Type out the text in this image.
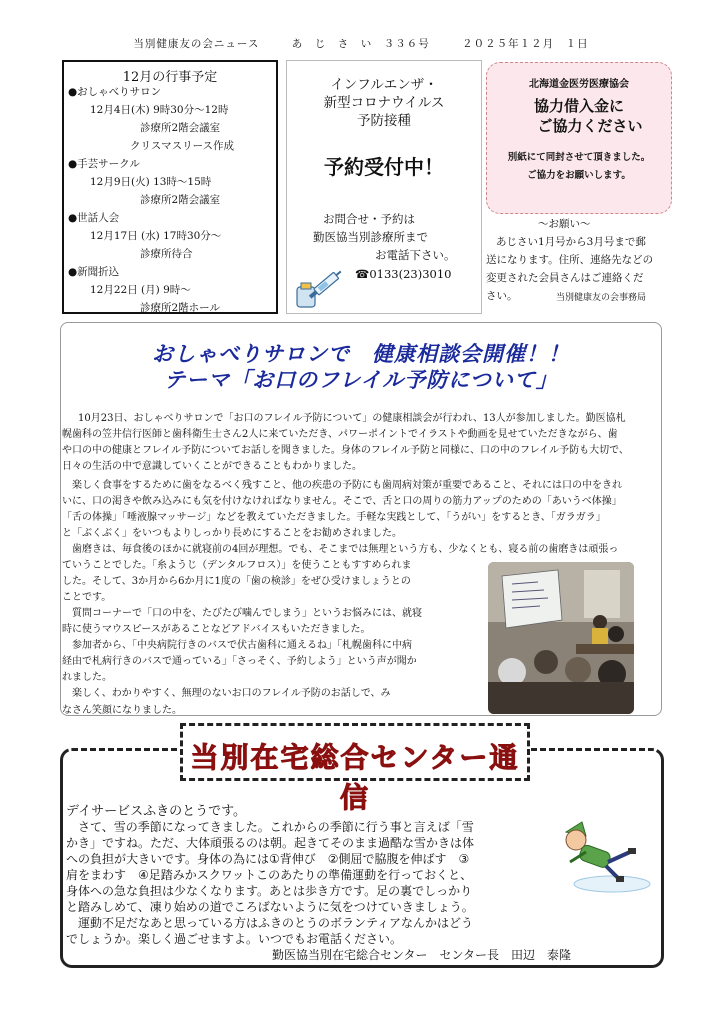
当別健康友の会ニュース	あ　じ　さ　い　３３６号	２０２５年１２月　１日
12月の行事予定
●おしゃべりサロン
12月4日(木) 9時30分～12時
診療所2階会議室
クリスマスリース作成
●手芸サークル
12月9日(火) 13時～15時
診療所2階会議室
●世話人会
12月17日 (水) 17時30分～
診療所待合
●新聞折込
12月22日 (月) 9時～
診療所2階ホール
インフルエンザ・
新型コロナウイルス
予防接種
予約受付中！
お問合せ・予約は
勤医協当別診療所まで
お電話下さい。
☎0133(23)3010
北海道金医労医療協会
協力借入金に
ご協力ください
別紙にて同封させて頂きました。
ご協力をお願いします。
～お願い～
あじさい1月号から3月号まで郵
送になります。住所、連絡先などの
変更された会員さんはご連絡くだ
さい。	当別健康友の会事務局
おしゃべりサロンで　健康相談会開催！！
テーマ「お口のフレイル予防について」
10月23日、おしゃべりサロンで「お口のフレイル予防について」の健康相談会が行われ、13人が参加しました。勤医協札
幌歯科の笠井信行医師と歯科衛生士さん2人に来ていただき、パワーポイントでイラストや動画を見せていただきながら、歯
や口の中の健康とフレイル予防についてお話しを聞きました。身体のフレイル予防と同様に、口の中のフレイル予防も大切で、
日々の生活の中で意識していくことができることもわかりました。
楽しく食事をするために歯をなるべく残すこと、他の疾患の予防にも歯周病対策が重要であること、それには口の中をきれ
いに、口の渇きや飲み込みにも気を付けなければなりません。そこで、舌と口の周りの筋力アップのための「あいうべ体操」
「舌の体操」「唾液腺マッサージ」などを教えていただきました。手軽な実践として、「うがい」をするとき、「ガラガラ」
と「ぶくぶく」をいつもよりしっかり長めにすることをお勧めされました。
歯磨きは、毎食後のほかに就寝前の4回が理想。でも、そこまでは無理という方も、少なくとも、寝る前の歯磨きは頑張っ
ていうことでした。「糸ようじ（デンタルフロス）」を使うこともすすめられま
した。そして、3か月から6か月に1度の「歯の検診」をぜひ受けましょうとの
ことです。
質問コーナーで「口の中を、たびたび噛んでしまう」というお悩みには、就寝
時に使うマウスピースがあることなどアドバイスもいただきました。
参加者から、「中央病院行きのバスで伏古歯科に通えるね」「札幌歯科に中病
経由で札病行きのバスで通っている」「さっそく、予約しよう」という声が聞か
れました。
楽しく、わかりやすく、無理のないお口のフレイル予防のお話しで、み
なさん笑顔になりました。
当別在宅総合センター通信
デイサービスふきのとうです。
さて、雪の季節になってきました。これからの季節に行う事と言えば「雪
かき」ですね。ただ、大体頑張るのは朝。起きてそのまま過酷な雪かきは体
への負担が大きいです。身体の為には①背伸び　②側屈で脇腹を伸ばす　③
肩をまわす　④足踏みかスクワットこのあたりの準備運動を行っておくと、
身体への急な負担は少なくなります。あとは歩き方です。足の裏でしっかり
と踏みしめて、凍り始めの道でころばないように気をつけていきましょう。
運動不足だなあと思っている方はふきのとうのボランティアなんかはどう
でしょうか。楽しく過ごせますよ。いつでもお電話ください。
勤医協当別在宅総合センター　センター長　田辺　泰隆
